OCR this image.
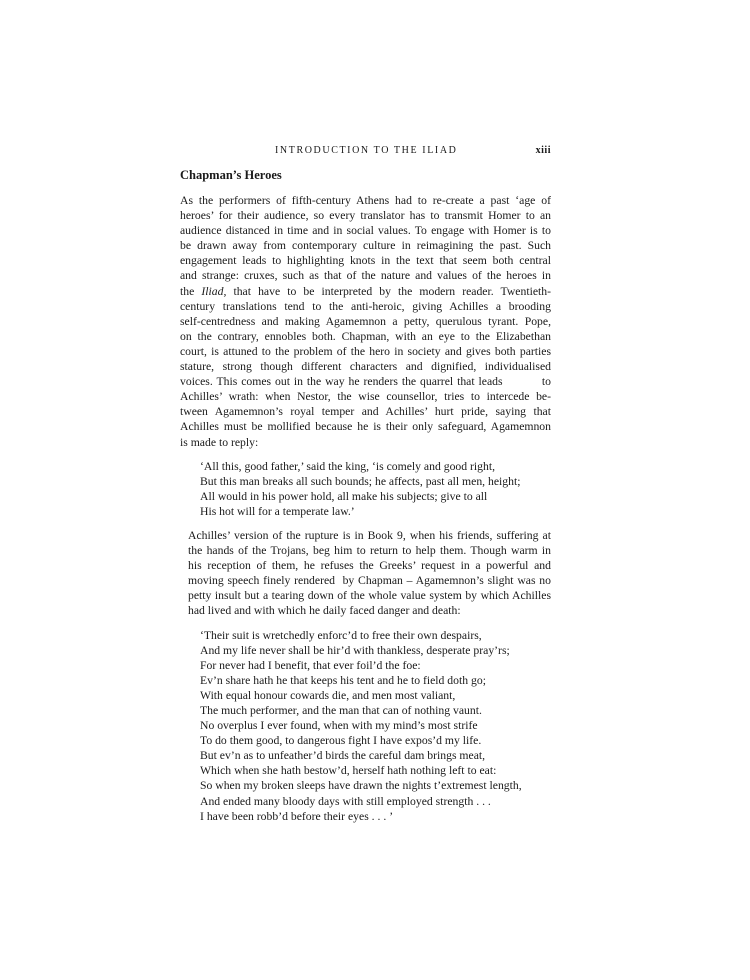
INTRODUCTION TO THE ILIAD	xiii
Chapman’s Heroes
As the performers of fifth-century Athens had to re-create a past ‘age of
heroes’ for their audience, so every translator has to transmit Homer to an
audience distanced in time and in social values. To engage with Homer is to
be drawn away from contemporary culture in reimagining the past. Such
engagement leads to highlighting knots in the text that seem both central
and strange: cruxes, such as that of the nature and values of the heroes in
the Iliad, that have to be interpreted by the modern reader. Twentieth-
century translations tend to the anti-heroic, giving Achilles a brooding
self-centredness and making Agamemnon a petty, querulous tyrant. Pope,
on the contrary, ennobles both. Chapman, with an eye to the Elizabethan
court, is attuned to the problem of the hero in society and gives both parties
stature, strong though different characters and dignified, individualised
voices. This comes out in the way he renders the quarrel that leads          to
Achilles’ wrath: when Nestor, the wise counsellor, tries to intercede be-
tween Agamemnon’s royal temper and Achilles’ hurt pride, saying that
Achilles must be mollified because he is their only safeguard, Agamemnon
is made to reply:
‘All this, good father,’ said the king, ‘is comely and good right,
But this man breaks all such bounds; he affects, past all men, height;
All would in his power hold, all make his subjects; give to all
His hot will for a temperate law.’
Achilles’ version of the rupture is in Book 9, when his friends, suffering at
the hands of the Trojans, beg him to return to help them. Though warm in
his reception of them, he refuses the Greeks’ request in a powerful and
moving speech finely rendered  by Chapman – Agamemnon’s slight was no
petty insult but a tearing down of the whole value system by which Achilles
had lived and with which he daily faced danger and death:
‘Their suit is wretchedly enforc’d to free their own despairs,
And my life never shall be hir’d with thankless, desperate pray’rs;
For never had I benefit, that ever foil’d the foe:
Ev’n share hath he that keeps his tent and he to field doth go;
With equal honour cowards die, and men most valiant,
The much performer, and the man that can of nothing vaunt.
No overplus I ever found, when with my mind’s most strife
To do them good, to dangerous fight I have expos’d my life.
But ev’n as to unfeather’d birds the careful dam brings meat,
Which when she hath bestow’d, herself hath nothing left to eat:
So when my broken sleeps have drawn the nights t’extremest length,
And ended many bloody days with still employed strength . . .
I have been robb’d before their eyes . . . ’
